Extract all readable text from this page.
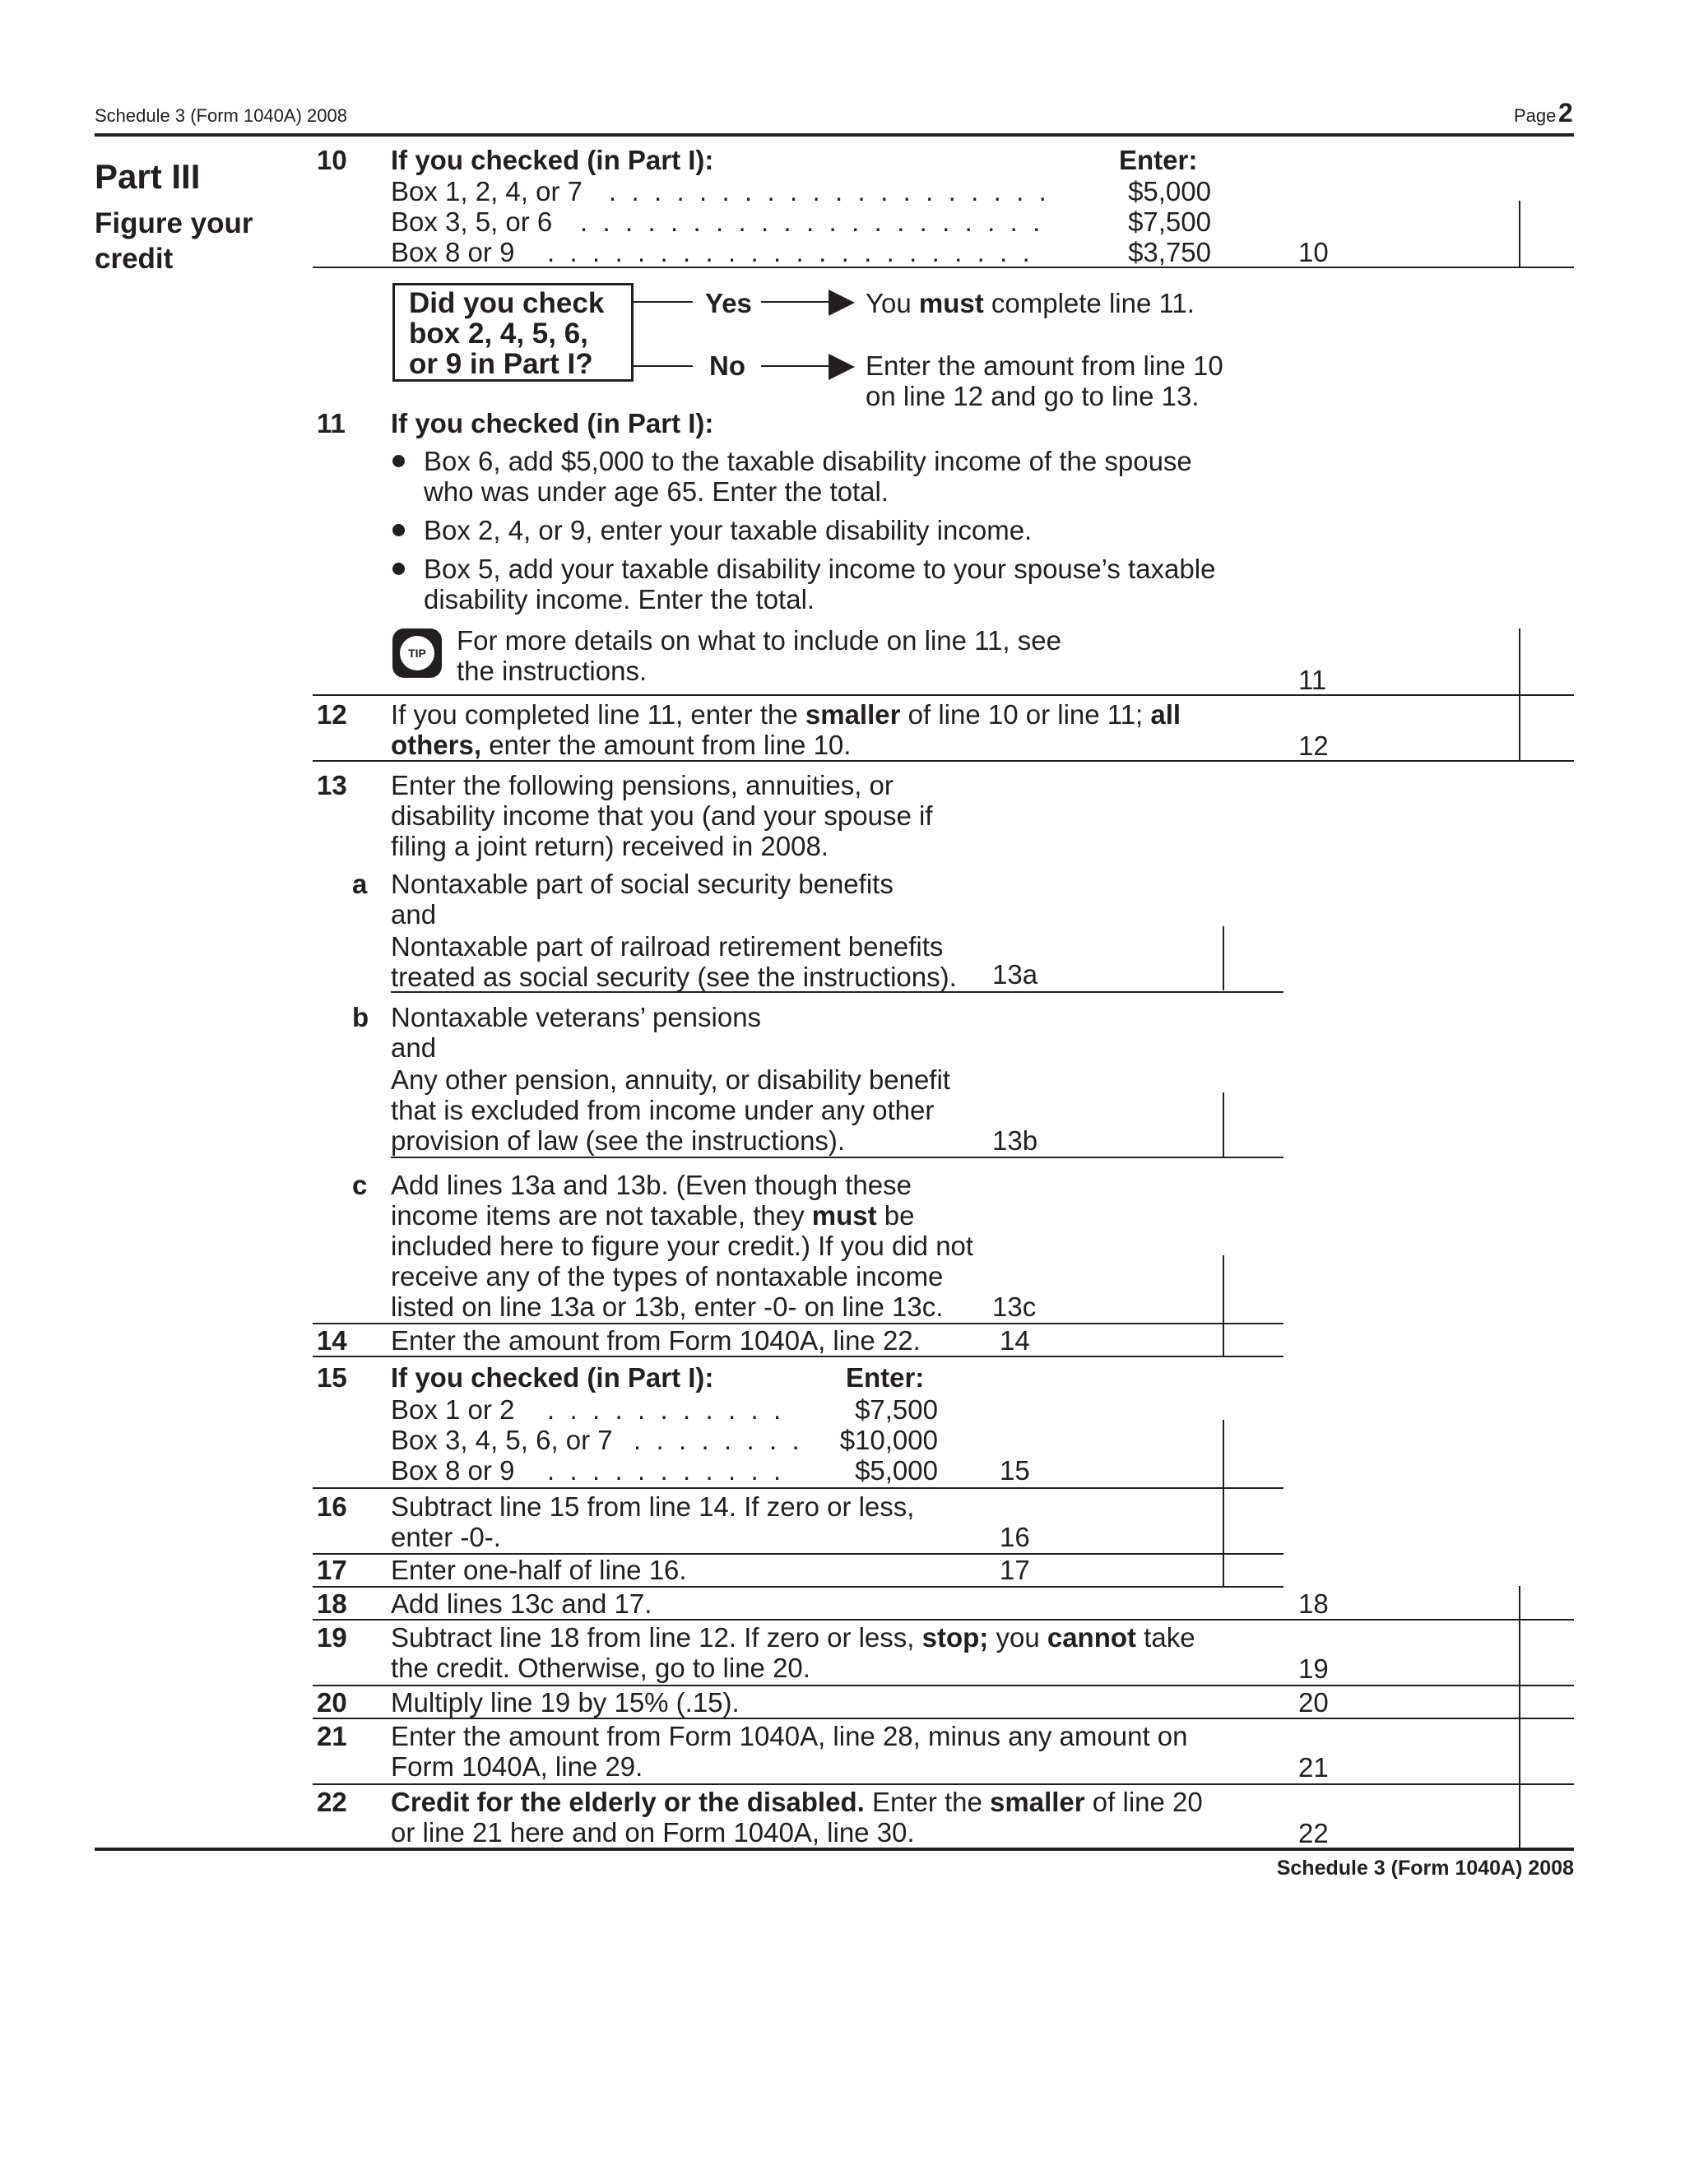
Schedule 3 (Form 1040A) 2008	Page 2
Part III
Figure your
credit
10 If you checked (in Part I):	Enter:
Box 1, 2, 4, or 7 .  .  .  .  .  .  .  .  .  .  .  .  .  .  .  .  .  .  .  .	$5,000
Box 3, 5, or 6 .  .  .  .  .  .  .  .  .  .  .  .  .  .  .  .  .  .  .  .  .	$7,500
Box 8 or 9 .  .  .  .  .  .  .  .  .  .  .  .  .  .  .  .  .  .  .  .  .  .	$3,750	10
Did you check
box 2, 4, 5, 6,
or 9 in Part I?
Yes	You must complete line 11.
No	Enter the amount from line 10
on line 12 and go to line 13.
11 If you checked (in Part I):
Box 6, add $5,000 to the taxable disability income of the spouse
who was under age 65. Enter the total.
Box 2, 4, or 9, enter your taxable disability income.
Box 5, add your taxable disability income to your spouse’s taxable
disability income. Enter the total.
TIP	For more details on what to include on line 11, see
the instructions.	11
12 If you completed line 11, enter the smaller of line 10 or line 11; all
others, enter the amount from line 10.	12
13 Enter the following pensions, annuities, or
disability income that you (and your spouse if
filing a joint return) received in 2008.
a Nontaxable part of social security benefits
and
Nontaxable part of railroad retirement benefits
treated as social security (see the instructions). 13a
b Nontaxable veterans’ pensions
and
Any other pension, annuity, or disability benefit
that is excluded from income under any other
provision of law (see the instructions).	13b
c Add lines 13a and 13b. (Even though these
income items are not taxable, they must be
included here to figure your credit.) If you did not
receive any of the types of nontaxable income
listed on line 13a or 13b, enter -0- on line 13c. 13c
14 Enter the amount from Form 1040A, line 22.	14
15 If you checked (in Part I):	Enter:
Box 1 or 2 .  .  .  .  .  .  .  .  .  .  .	$7,500
Box 3, 4, 5, 6, or 7 .  .  .  .  .  .  .  .	$10,000
Box 8 or 9 .  .  .  .  .  .  .  .  .  .  .	$5,000 15
16 Subtract line 15 from line 14. If zero or less,
enter -0-.	16
17 Enter one-half of line 16.	17
18 Add lines 13c and 17.	18
19 Subtract line 18 from line 12. If zero or less, stop; you cannot take
the credit. Otherwise, go to line 20.	19
20 Multiply line 19 by 15% (.15).	20
21 Enter the amount from Form 1040A, line 28, minus any amount on
Form 1040A, line 29.	21
22 Credit for the elderly or the disabled. Enter the smaller of line 20
or line 21 here and on Form 1040A, line 30.	22
Schedule 3 (Form 1040A) 2008
